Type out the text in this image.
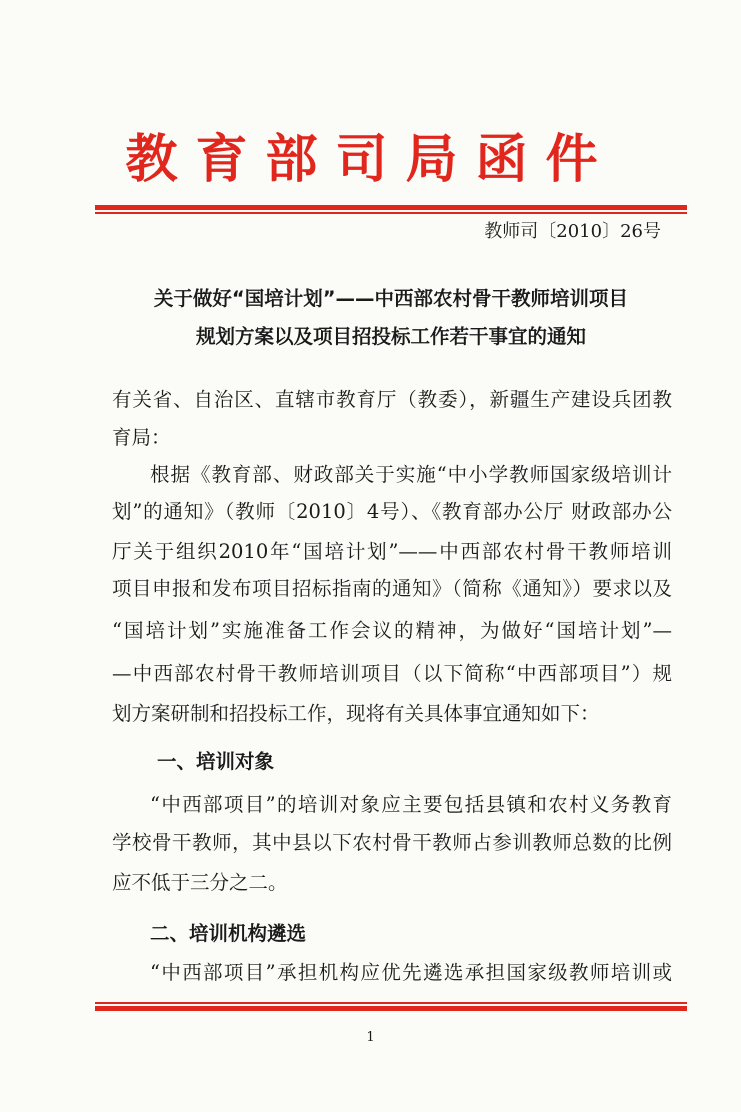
教育部司局函件
教师司〔2010〕26号
关于做好“国培计划”——中西部农村骨干教师培训项目
规划方案以及项目招投标工作若干事宜的通知
有关省、自治区、直辖市教育厅（教委），新疆生产建设兵团教
育局：
根据《教育部、财政部关于实施“中小学教师国家级培训计
划”的通知》（教师〔2010〕4号）、《教育部办公厅 财政部办公
厅关于组织2010年“国培计划”——中西部农村骨干教师培训
项目申报和发布项目招标指南的通知》（简称《通知》）要求以及
“国培计划”实施准备工作会议的精神，为做好“国培计划”—
—中西部农村骨干教师培训项目（以下简称“中西部项目”）规
划方案研制和招投标工作，现将有关具体事宜通知如下：
一、培训对象
“中西部项目”的培训对象应主要包括县镇和农村义务教育
学校骨干教师，其中县以下农村骨干教师占参训教师总数的比例
应不低于三分之二。
二、培训机构遴选
“中西部项目”承担机构应优先遴选承担国家级教师培训或
1
